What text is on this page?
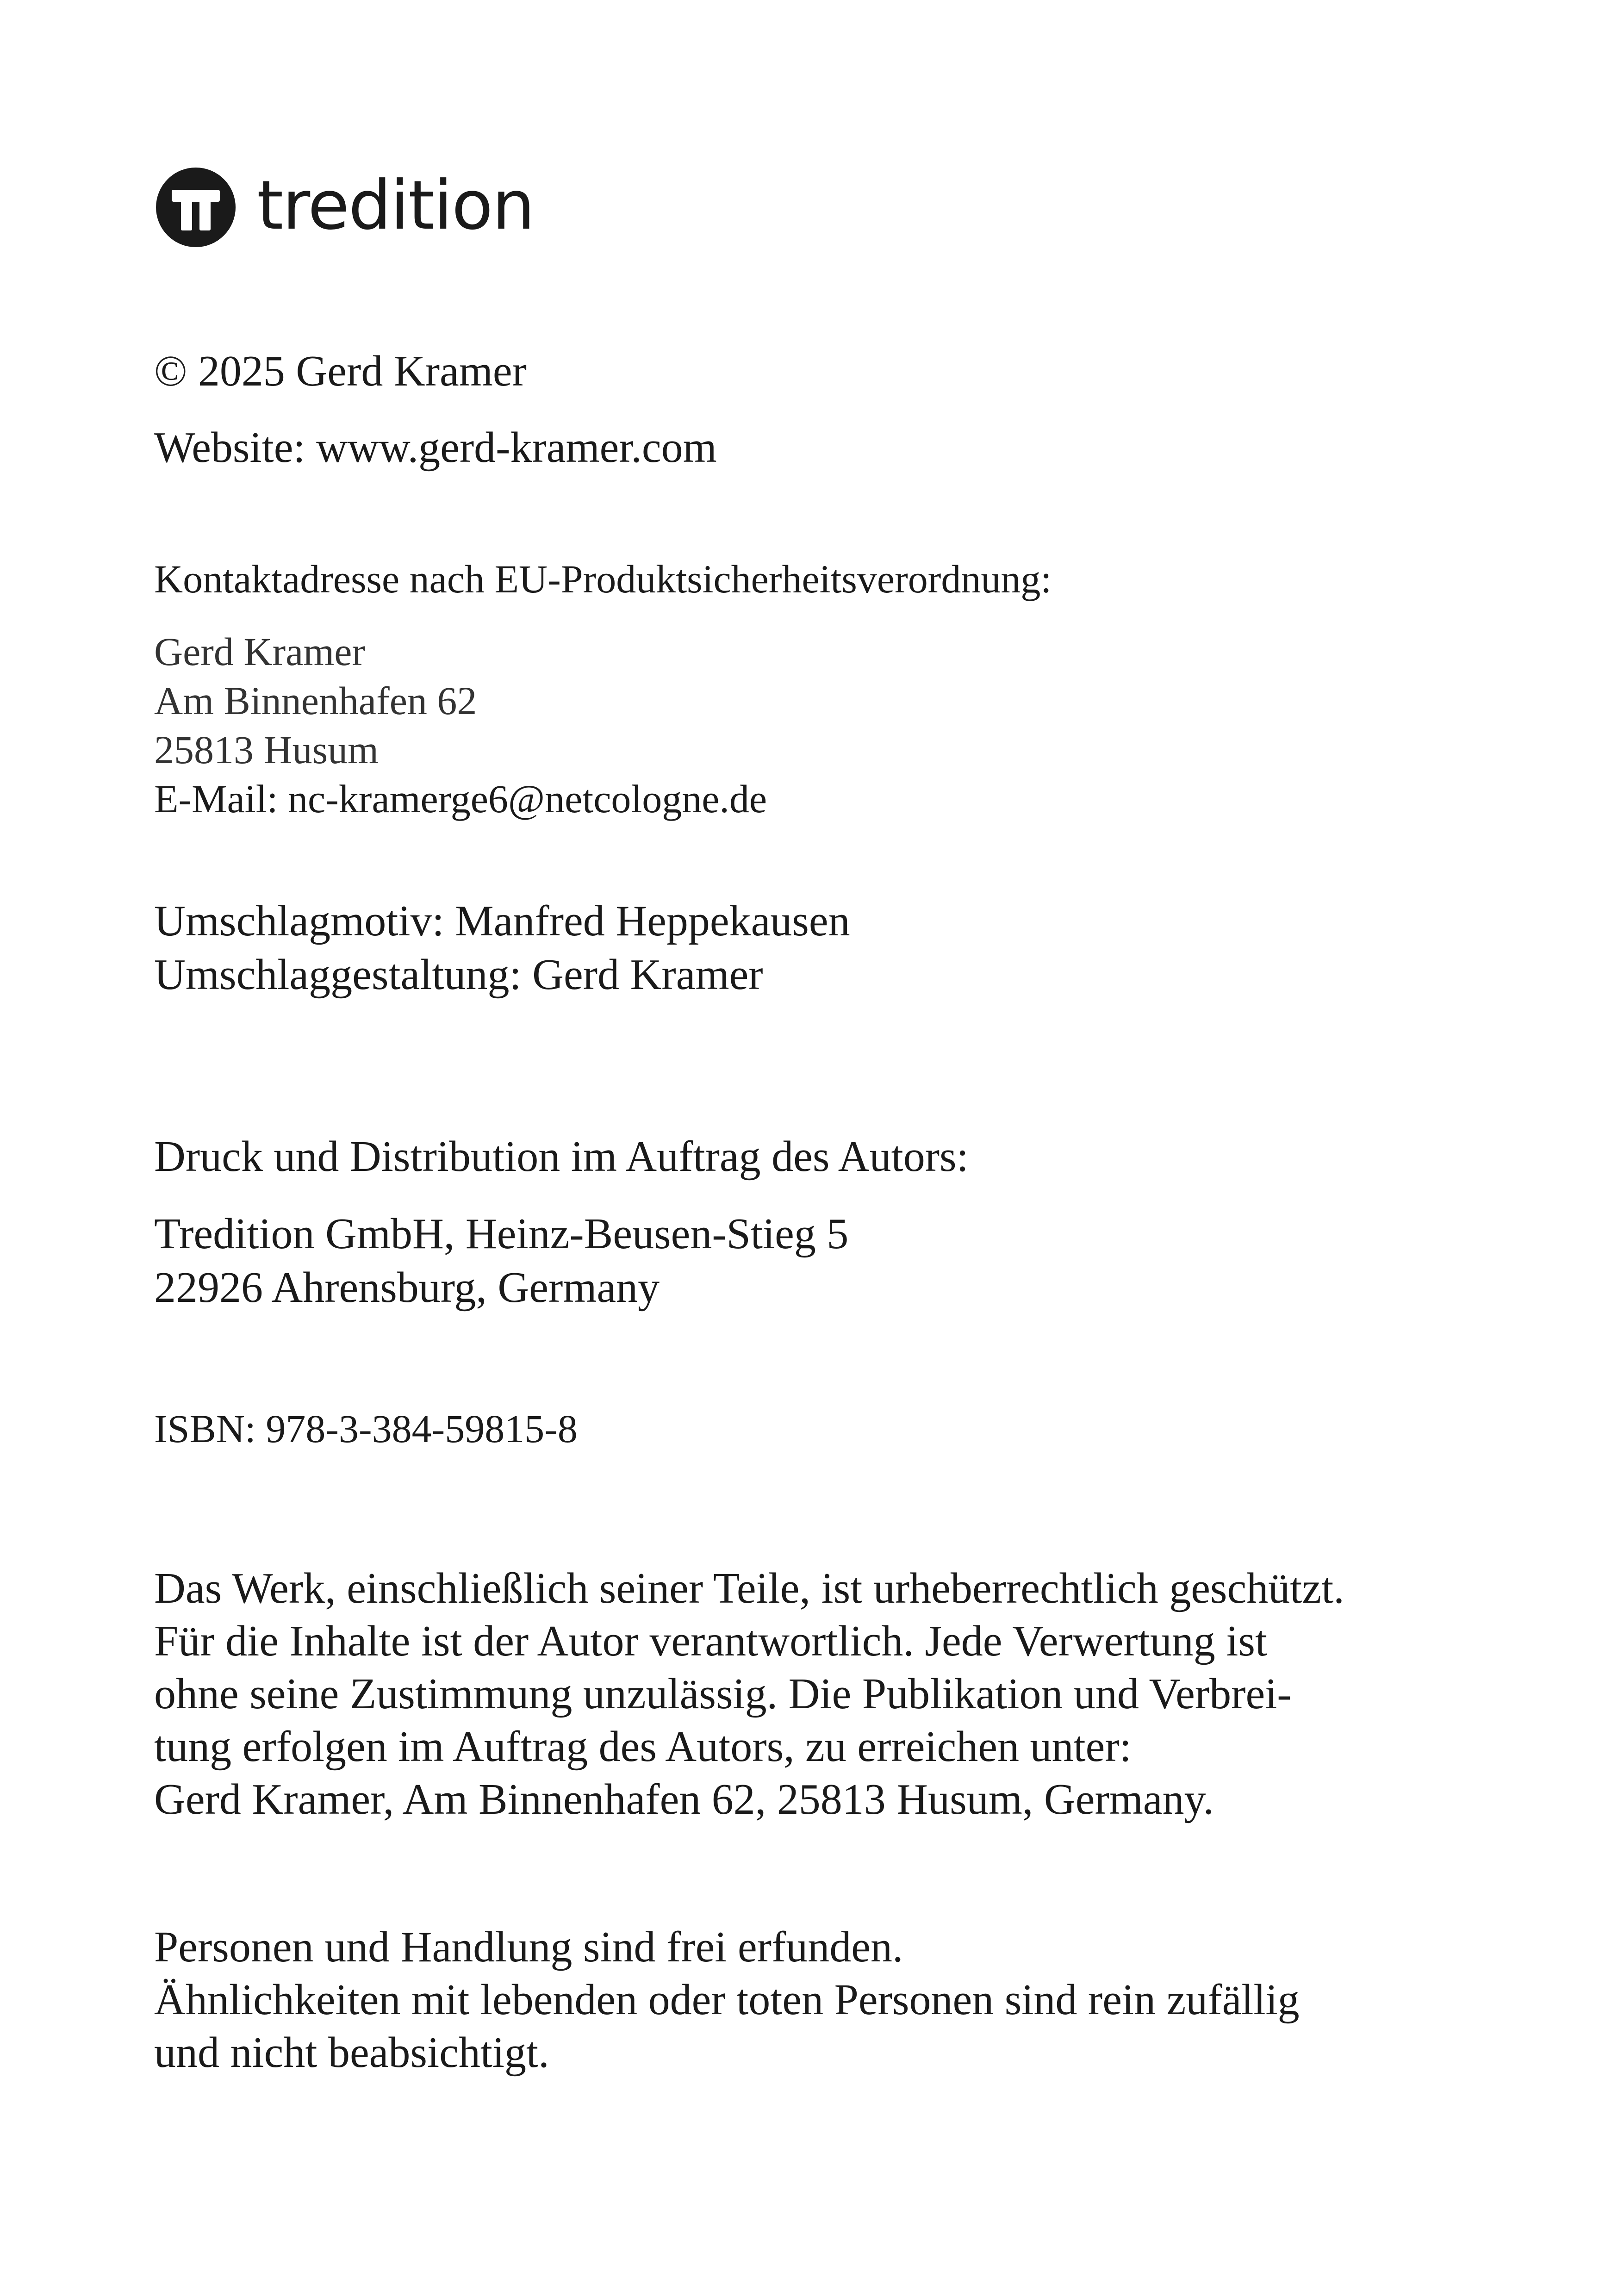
tredition
© 2025 Gerd Kramer
Website: www.gerd-kramer.com
Kontaktadresse nach EU-Produktsicherheitsverordnung:
Gerd Kramer
Am Binnenhafen 62
25813 Husum
E-Mail: nc-kramerge6@netcologne.de
Umschlagmotiv: Manfred Heppekausen
Umschlaggestaltung: Gerd Kramer
Druck und Distribution im Auftrag des Autors:
Tredition GmbH, Heinz-Beusen-Stieg 5
22926 Ahrensburg, Germany
ISBN: 978-3-384-59815-8
Das Werk, einschließlich seiner Teile, ist urheberrechtlich geschützt.
Für die Inhalte ist der Autor verantwortlich. Jede Verwertung ist
ohne seine Zustimmung unzulässig. Die Publikation und Verbrei-
tung erfolgen im Auftrag des Autors, zu erreichen unter:
Gerd Kramer, Am Binnenhafen 62, 25813 Husum, Germany.
Personen und Handlung sind frei erfunden.
Ähnlichkeiten mit lebenden oder toten Personen sind rein zufällig
und nicht beabsichtigt.
